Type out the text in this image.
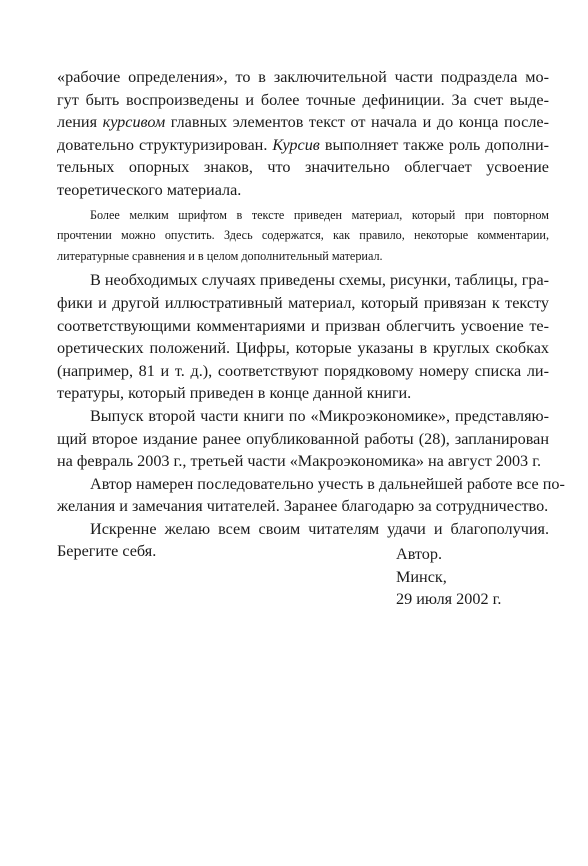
«рабочие определения», то в заключительной части подраздела мо-
гут быть воспроизведены и более точные дефиниции. За счет выде-
ления курсивом главных элементов текст от начала и до конца после-
довательно структуризирован. Курсив выполняет также роль дополни-
тельных опорных знаков, что значительно облегчает усвоение
теоретического материала.
Более мелким шрифтом в тексте приведен материал, который при повторном
прочтении можно опустить. Здесь содержатся, как правило, некоторые комментарии,
литературные сравнения и в целом дополнительный материал.
В необходимых случаях приведены схемы, рисунки, таблицы, гра-
фики и другой иллюстративный материал, который привязан к тексту
соответствующими комментариями и призван облегчить усвоение те-
оретических положений. Цифры, которые указаны в круглых скобках
(например, 81 и т. д.), соответствуют порядковому номеру списка ли-
тературы, который приведен в конце данной книги.
Выпуск второй части книги по «Микроэкономике», представляю-
щий второе издание ранее опубликованной работы (28), запланирован
на февраль 2003 г., третьей части «Макроэкономика» на август 2003 г.
Автор намерен последовательно учесть в дальнейшей работе все по-
желания и замечания читателей. Заранее благодарю за сотрудничество.
Искренне желаю всем своим читателям удачи и благополучия.
Берегите себя.	Автор.
Минск,
29 июля 2002 г.
